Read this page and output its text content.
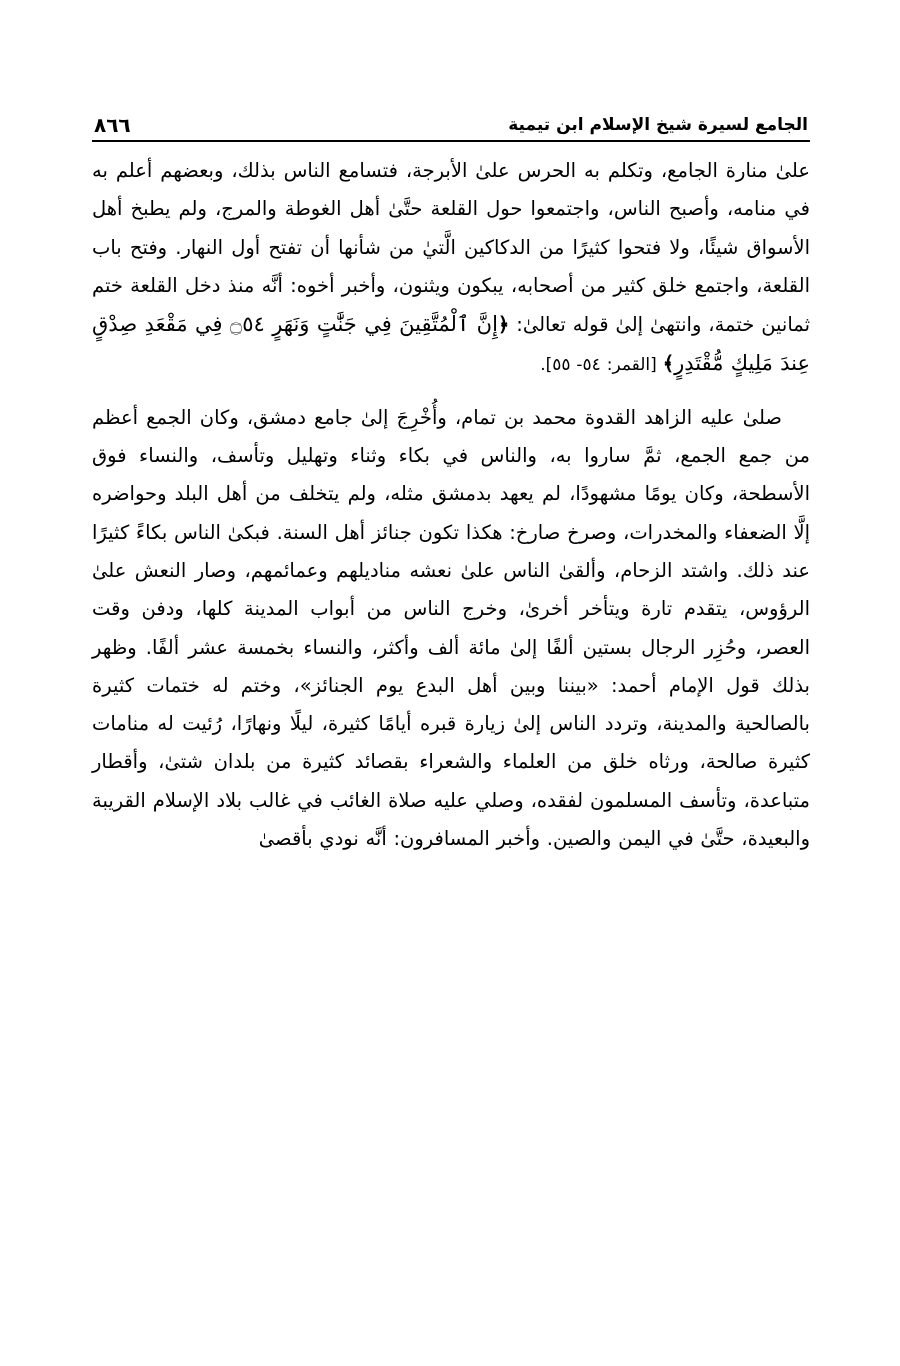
الجامع لسيرة شيخ الإسلام ابن تيمية
٨٦٦

علىٰ منارة الجامع، وتكلم به الحرس علىٰ الأبرجة، فتسامع الناس بذلك، وبعضهم أعلم به في منامه، وأصبح الناس، واجتمعوا حول القلعة حتَّىٰ أهل الغوطة والمرج، ولم يطبخ أهل الأسواق شيئًا، ولا فتحوا كثيرًا من الدكاكين الَّتيٰ من شأنها أن تفتح أول النهار. وفتح باب القلعة، واجتمع خلق كثير من أصحابه، يبكون ويثنون، وأخبر أخوه: أنَّه منذ دخل القلعة ختم ثمانين ختمة، وانتهىٰ إلىٰ قوله تعالىٰ: ﴿إِنَّ ٱلْمُتَّقِينَ فِي جَنَّٰتٍ وَنَهَرٍ ۝٥٤ فِي مَقْعَدِ صِدْقٍ عِندَ مَلِيكٍ مُّقْتَدِرٍ﴾ [القمر: ٥٤- ٥٥].

صلىٰ عليه الزاهد القدوة محمد بن تمام، وأُخْرِجَ إلىٰ جامع دمشق، وكان الجمع أعظم من جمع الجمع، ثمَّ ساروا به، والناس في بكاء وثناء وتهليل وتأسف، والنساء فوق الأسطحة، وكان يومًا مشهودًا، لم يعهد بدمشق مثله، ولم يتخلف من أهل البلد وحواضره إلَّا الضعفاء والمخدرات، وصرخ صارخ: هكذا تكون جنائز أهل السنة. فبكىٰ الناس بكاءً كثيرًا عند ذلك. واشتد الزحام، وألقىٰ الناس علىٰ نعشه مناديلهم وعمائمهم، وصار النعش علىٰ الرؤوس، يتقدم تارة ويتأخر أخرىٰ، وخرج الناس من أبواب المدينة كلها، ودفن وقت العصر، وحُزِر الرجال بستين ألفًا إلىٰ مائة ألف وأكثر، والنساء بخمسة عشر ألفًا. وظهر بذلك قول الإمام أحمد: «بيننا وبين أهل البدع يوم الجنائز»، وختم له ختمات كثيرة بالصالحية والمدينة، وتردد الناس إلىٰ زيارة قبره أيامًا كثيرة، ليلًا ونهارًا، رُئيت له منامات كثيرة صالحة، ورثاه خلق من العلماء والشعراء بقصائد كثيرة من بلدان شتىٰ، وأقطار متباعدة، وتأسف المسلمون لفقده، وصلي عليه صلاة الغائب في غالب بلاد الإسلام القريبة والبعيدة، حتَّىٰ في اليمن والصين. وأخبر المسافرون: أنَّه نودي بأقصىٰ
